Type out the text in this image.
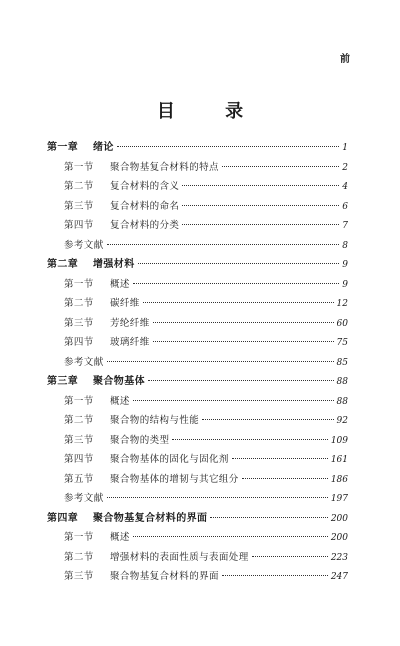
前
目 录
第一章 绪论	1
第一节 聚合物基复合材料的特点	2
第二节 复合材料的含义	4
第三节 复合材料的命名	6
第四节 复合材料的分类	7
参考文献	8
第二章 增强材料	9
第一节 概述	9
第二节 碳纤维	12
第三节 芳纶纤维	60
第四节 玻璃纤维	75
参考文献	85
第三章 聚合物基体	88
第一节 概述	88
第二节 聚合物的结构与性能	92
第三节 聚合物的类型	109
第四节 聚合物基体的固化与固化剂	161
第五节 聚合物基体的增韧与其它组分	186
参考文献	197
第四章 聚合物基复合材料的界面	200
第一节 概述	200
第二节 增强材料的表面性质与表面处理	223
第三节 聚合物基复合材料的界面	247
